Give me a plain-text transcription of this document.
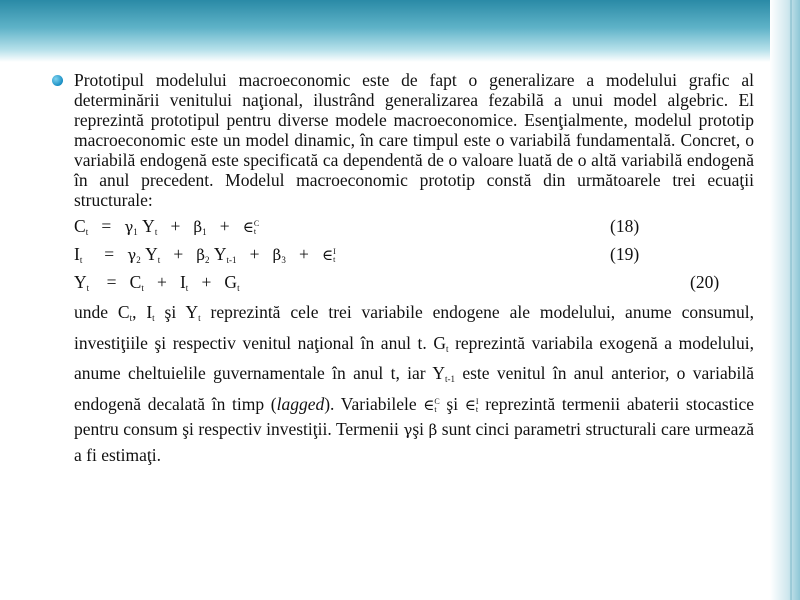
Prototipul modelului macroeconomic este de fapt o generalizare a modelului grafic al determinării venitului naţional, ilustrând generalizarea fezabilă a unui model algebric. El reprezintă prototipul pentru diverse modele macroeconomice. Esenţialmente, modelul prototip macroeconomic este un model dinamic, în care timpul este o variabilă fundamentală. Concret, o variabilă endogenă este specificată ca dependentă de o valoare luată de o altă variabilă endogenă în anul precedent. Modelul macroeconomic prototip constă din următoarele trei ecuaţii structurale:

$C_t = \gamma_1$ $Y_t + \beta_1$   +   ∈C
t	(18)
$I_t$     =   $\gamma_2$ $Y_t + \beta_2$ $Y_{t-1} + \beta_3$   +   ∈I
t	(19)
$Y_t$    =   $C_t + I_t + G_t$	(20)

unde $C_t$, $I_t$ şi $Y_t$ reprezintă cele trei variabile endogene ale modelului, anume consumul, investiţiile şi respectiv venitul naţional în anul t. $G_t$ reprezintă variabila exogenă a modelului, anume cheltuielile guvernamentale în anul t, iar $Y_{t-1}$ este venitul în anul anterior, o variabilă endogenă decalată în timp (lagged). Variabilele ∈C
t şi ∈I
t reprezintă termenii abaterii stocastice pentru consum şi respectiv investiţii. Termenii γşi β sunt cinci parametri structurali care urmează a fi estimaţi.
